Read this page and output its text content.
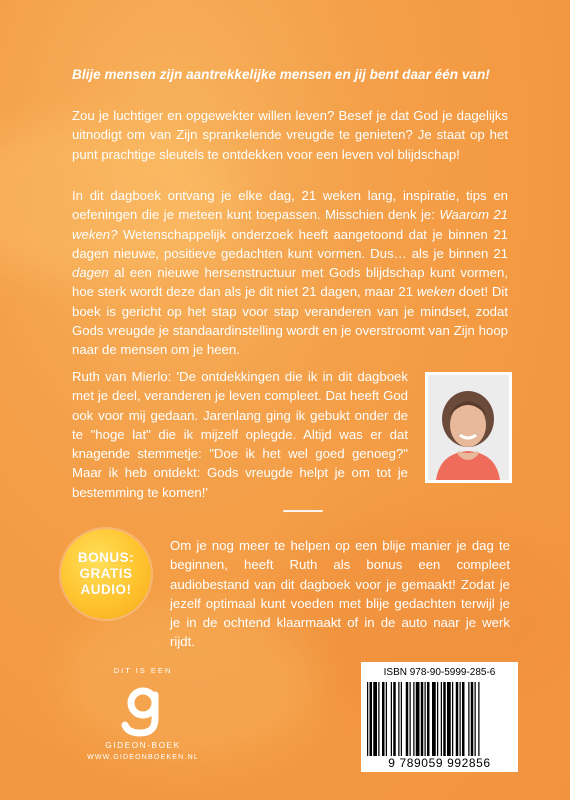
Blije mensen zijn aantrekkelijke mensen en jij bent daar één van!
Zou je luchtiger en opgewekter willen leven? Besef je dat God je dagelijks uitnodigt om van Zijn sprankelende vreugde te genieten? Je staat op het punt prachtige sleutels te ontdekken voor een leven vol blijdschap!
In dit dagboek ontvang je elke dag, 21 weken lang, inspiratie, tips en oefeningen die je meteen kunt toepassen. Misschien denk je: Waarom 21 weken? Wetenschappelijk onderzoek heeft aangetoond dat je binnen 21 dagen nieuwe, positieve gedachten kunt vormen. Dus… als je binnen 21 dagen al een nieuwe hersenstructuur met Gods blijdschap kunt vormen, hoe sterk wordt deze dan als je dit niet 21 dagen, maar 21 weken doet! Dit boek is gericht op het stap voor stap veranderen van je mindset, zodat Gods vreugde je standaardinstelling wordt en je overstroomt van Zijn hoop naar de mensen om je heen.
Ruth van Mierlo: 'De ontdekkingen die ik in dit dagboek met je deel, veranderen je leven compleet. Dat heeft God ook voor mij gedaan. Jarenlang ging ik gebukt onder de te "hoge lat" die ik mijzelf oplegde. Altijd was er dat knagende stemmetje: "Doe ik het wel goed genoeg?" Maar ik heb ontdekt: Gods vreugde helpt je om tot je bestemming te komen!'
BONUS:
GRATIS
AUDIO!
Om je nog meer te helpen op een blije manier je dag te beginnen, heeft Ruth als bonus een compleet audiobestand van dit dagboek voor je gemaakt! Zodat je jezelf optimaal kunt voeden met blije gedachten terwijl je je in de ochtend klaarmaakt of in de auto naar je werk rijdt.
DIT IS EEN
GIDEON-BOEK
WWW.GIDEONBOEKEN.NL
ISBN 978-90-5999-285-6
9 789059 992856
